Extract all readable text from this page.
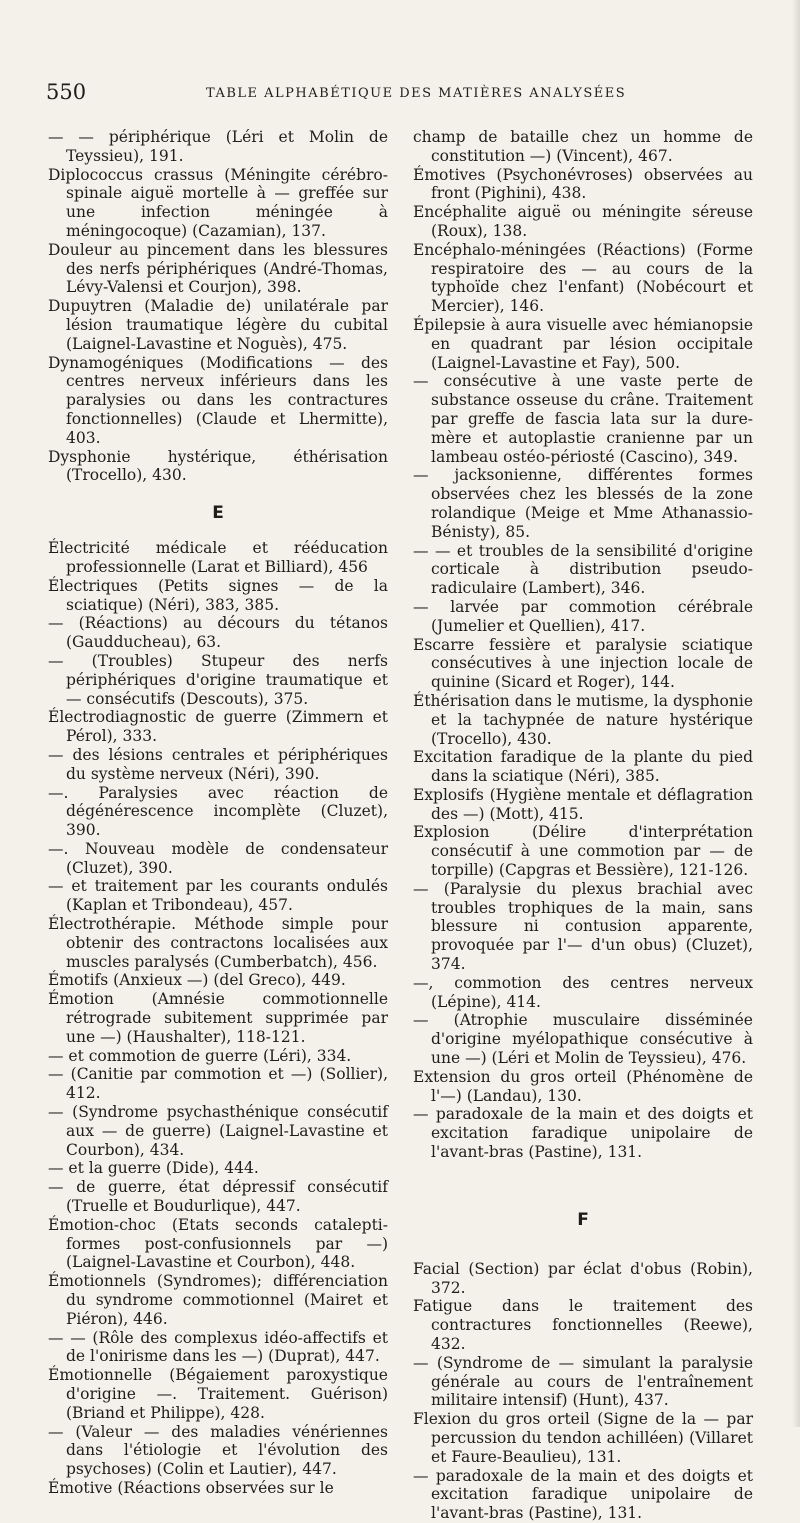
550	TABLE ALPHABÉTIQUE DES MATIÈRES ANALYSÉES

— — périphérique (Léri et Molin de Teyssieu), 191.

Diplococcus crassus (Méningite cérébro-spinale aiguë mortelle à — greffée sur une infection méningée à méningocoque) (Cazamian), 137.

Douleur au pincement dans les blessures des nerfs périphériques (André-Thomas, Lévy-Valensi et Courjon), 398.

Dupuytren (Maladie de) unilatérale par lésion traumatique légère du cubital (Laignel-Lavastine et Noguès), 475.

Dynamogéniques (Modifications — des centres nerveux inférieurs dans les paralysies ou dans les contractures fonctionnelles) (Claude et Lhermitte), 403.

Dysphonie hystérique, éthérisation (Trocello), 430.

E

Électricité médicale et rééducation professionnelle (Larat et Billiard), 456

Électriques (Petits signes — de la sciatique) (Néri), 383, 385.

— (Réactions) au décours du tétanos (Gaudducheau), 63.

— (Troubles) Stupeur des nerfs périphériques d'origine traumatique et — consécutifs (Descouts), 375.

Électrodiagnostic de guerre (Zimmern et Pérol), 333.

— des lésions centrales et périphériques du système nerveux (Néri), 390.

—. Paralysies avec réaction de dégénérescence incomplète (Cluzet), 390.

—. Nouveau modèle de condensateur (Cluzet), 390.

— et traitement par les courants ondulés (Kaplan et Tribondeau), 457.

Électrothérapie. Méthode simple pour obtenir des contractons localisées aux muscles paralysés (Cumberbatch), 456.

Émotifs (Anxieux —) (del Greco), 449.

Émotion (Amnésie commotionnelle rétrograde subitement supprimée par une —) (Haushalter), 118-121.

— et commotion de guerre (Léri), 334.

— (Canitie par commotion et —) (Sollier), 412.

— (Syndrome psychasthénique consécutif aux — de guerre) (Laignel-Lavastine et Courbon), 434.

— et la guerre (Dide), 444.

— de guerre, état dépressif consécutif (Truelle et Boudurlique), 447.

Émotion-choc (Etats seconds catalepti-formes post-confusionnels par —) (Laignel-Lavastine et Courbon), 448.

Émotionnels (Syndromes); différenciation du syndrome commotionnel (Mairet et Piéron), 446.

— — (Rôle des complexus idéo-affectifs et de l'onirisme dans les —) (Duprat), 447.

Émotionnelle (Bégaiement paroxystique d'origine —. Traitement. Guérison) (Briand et Philippe), 428.

— (Valeur — des maladies vénériennes dans l'étiologie et l'évolution des psychoses) (Colin et Lautier), 447.

Émotive (Réactions observées sur le

champ de bataille chez un homme de constitution —) (Vincent), 467.

Émotives (Psychonévroses) observées au front (Pighini), 438.

Encéphalite aiguë ou méningite séreuse (Roux), 138.

Encéphalo-méningées (Réactions) (Forme respiratoire des — au cours de la typhoïde chez l'enfant) (Nobécourt et Mercier), 146.

Épilepsie à aura visuelle avec hémianopsie en quadrant par lésion occipitale (Laignel-Lavastine et Fay), 500.

— consécutive à une vaste perte de substance osseuse du crâne. Traitement par greffe de fascia lata sur la dure-mère et autoplastie cranienne par un lambeau ostéo-périosté (Cascino), 349.

— jacksonienne, différentes formes observées chez les blessés de la zone rolandique (Meige et Mme Athanassio-Bénisty), 85.

— — et troubles de la sensibilité d'origine corticale à distribution pseudo-radiculaire (Lambert), 346.

— larvée par commotion cérébrale (Jumelier et Quellien), 417.

Escarre fessière et paralysie sciatique consécutives à une injection locale de quinine (Sicard et Roger), 144.

Éthérisation dans le mutisme, la dysphonie et la tachypnée de nature hystérique (Trocello), 430.

Excitation faradique de la plante du pied dans la sciatique (Néri), 385.

Explosifs (Hygiène mentale et déflagration des —) (Mott), 415.

Explosion (Délire d'interprétation consécutif à une commotion par — de torpille) (Capgras et Bessière), 121-126.

— (Paralysie du plexus brachial avec troubles trophiques de la main, sans blessure ni contusion apparente, provoquée par l'— d'un obus) (Cluzet), 374.

—, commotion des centres nerveux (Lépine), 414.

— (Atrophie musculaire disséminée d'origine myélopathique consécutive à une —) (Léri et Molin de Teyssieu), 476.

Extension du gros orteil (Phénomène de l'—) (Landau), 130.

— paradoxale de la main et des doigts et excitation faradique unipolaire de l'avant-bras (Pastine), 131.

F

Facial (Section) par éclat d'obus (Robin), 372.

Fatigue dans le traitement des contractures fonctionnelles (Reewe), 432.

— (Syndrome de — simulant la paralysie générale au cours de l'entraînement militaire intensif) (Hunt), 437.

Flexion du gros orteil (Signe de la — par percussion du tendon achilléen) (Villaret et Faure-Beaulieu), 131.

— paradoxale de la main et des doigts et excitation faradique unipolaire de l'avant-bras (Pastine), 131.
